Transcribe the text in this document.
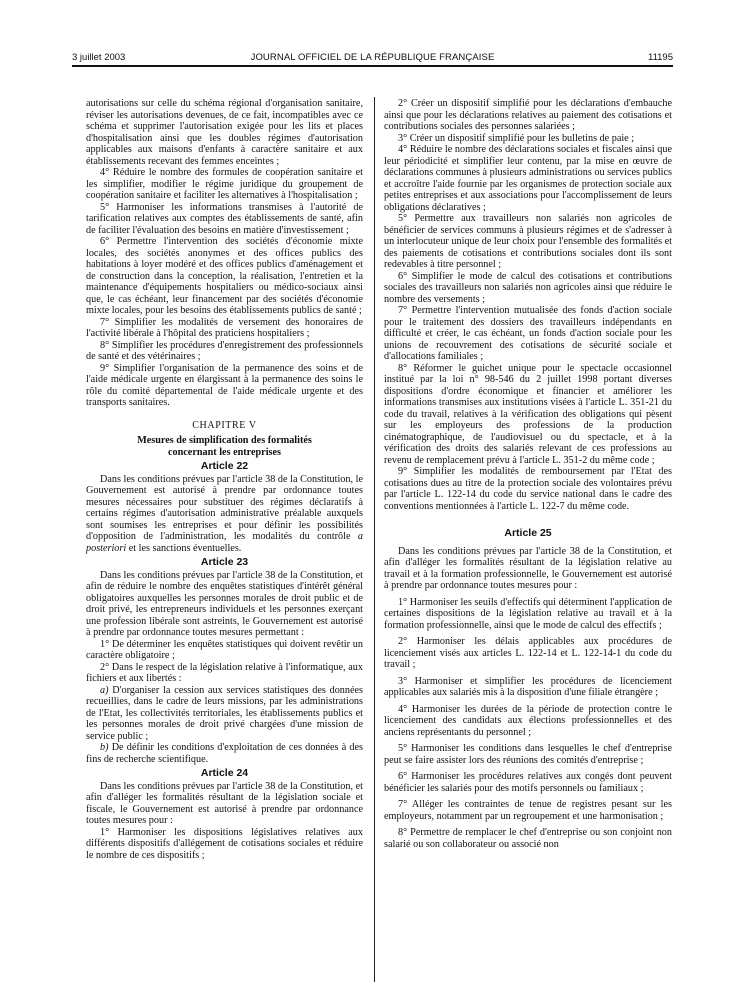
3 juillet 2003	JOURNAL OFFICIEL DE LA RÉPUBLIQUE FRANÇAISE	11195

autorisations sur celle du schéma régional d'organisation sanitaire, réviser les autorisations devenues, de ce fait, incompatibles avec ce schéma et supprimer l'autorisation exigée pour les lits et places d'hospitalisation ainsi que les doubles régimes d'autorisation applicables aux maisons d'enfants à caractère sanitaire et aux établissements recevant des femmes enceintes ;

4° Réduire le nombre des formules de coopération sanitaire et les simplifier, modifier le régime juridique du groupement de coopération sanitaire et faciliter les alternatives à l'hospitalisation ;

5° Harmoniser les informations transmises à l'autorité de tarification relatives aux comptes des établissements de santé, afin de faciliter l'évaluation des besoins en matière d'investissement ;

6° Permettre l'intervention des sociétés d'économie mixte locales, des sociétés anonymes et des offices publics des habitations à loyer modéré et des offices publics d'aménagement et de construction dans la conception, la réalisation, l'entretien et la maintenance d'équipements hospitaliers ou médico-sociaux ainsi que, le cas échéant, leur financement par des sociétés d'économie mixte locales, pour les besoins des établissements publics de santé ;

7° Simplifier les modalités de versement des honoraires de l'activité libérale à l'hôpital des praticiens hospitaliers ;

8° Simplifier les procédures d'enregistrement des professionnels de santé et des vétérinaires ;

9° Simplifier l'organisation de la permanence des soins et de l'aide médicale urgente en élargissant à la permanence des soins le rôle du comité départemental de l'aide médicale urgente et des transports sanitaires.

CHAPITRE V
Mesures de simplification des formalités
concernant les entreprises
Article 22

Dans les conditions prévues par l'article 38 de la Constitution, le Gouvernement est autorisé à prendre par ordonnance toutes mesures nécessaires pour substituer des régimes déclaratifs à certains régimes d'autorisation administrative préalable auxquels sont soumises les entreprises et pour définir les possibilités d'opposition de l'administration, les modalités du contrôle a posteriori et les sanctions éventuelles.

Article 23

Dans les conditions prévues par l'article 38 de la Constitution, et afin de réduire le nombre des enquêtes statistiques d'intérêt général obligatoires auxquelles les personnes morales de droit public et de droit privé, les entrepreneurs individuels et les personnes exerçant une profession libérale sont astreints, le Gouvernement est autorisé à prendre par ordonnance toutes mesures permettant :

1° De déterminer les enquêtes statistiques qui doivent revêtir un caractère obligatoire ;

2° Dans le respect de la législation relative à l'informatique, aux fichiers et aux libertés :

a) D'organiser la cession aux services statistiques des données recueillies, dans le cadre de leurs missions, par les administrations de l'Etat, les collectivités territoriales, les établissements publics et les personnes morales de droit privé chargées d'une mission de service public ;

b) De définir les conditions d'exploitation de ces données à des fins de recherche scientifique.

Article 24

Dans les conditions prévues par l'article 38 de la Constitution, et afin d'alléger les formalités résultant de la législation sociale et fiscale, le Gouvernement est autorisé à prendre par ordonnance toutes mesures pour :

1° Harmoniser les dispositions législatives relatives aux différents dispositifs d'allégement de cotisations sociales et réduire le nombre de ces dispositifs ;

2° Créer un dispositif simplifié pour les déclarations d'embauche ainsi que pour les déclarations relatives au paiement des cotisations et contributions sociales des personnes salariées ;

3° Créer un dispositif simplifié pour les bulletins de paie ;

4° Réduire le nombre des déclarations sociales et fiscales ainsi que leur périodicité et simplifier leur contenu, par la mise en œuvre de déclarations communes à plusieurs administrations ou services publics et accroître l'aide fournie par les organismes de protection sociale aux petites entreprises et aux associations pour l'accomplissement de leurs obligations déclaratives ;

5° Permettre aux travailleurs non salariés non agricoles de bénéficier de services communs à plusieurs régimes et de s'adresser à un interlocuteur unique de leur choix pour l'ensemble des formalités et des paiements de cotisations et contributions sociales dont ils sont redevables à titre personnel ;

6° Simplifier le mode de calcul des cotisations et contributions sociales des travailleurs non salariés non agricoles ainsi que réduire le nombre des versements ;

7° Permettre l'intervention mutualisée des fonds d'action sociale pour le traitement des dossiers des travailleurs indépendants en difficulté et créer, le cas échéant, un fonds d'action sociale pour les unions de recouvrement des cotisations de sécurité sociale et d'allocations familiales ;

8° Réformer le guichet unique pour le spectacle occasionnel institué par la loi n° 98-546 du 2 juillet 1998 portant diverses dispositions d'ordre économique et financier et améliorer les informations transmises aux institutions visées à l'article L. 351-21 du code du travail, relatives à la vérification des obligations qui pèsent sur les employeurs des professions de la production cinématographique, de l'audiovisuel ou du spectacle, et à la vérification des droits des salariés relevant de ces professions au revenu de remplacement prévu à l'article L. 351-2 du même code ;

9° Simplifier les modalités de remboursement par l'Etat des cotisations dues au titre de la protection sociale des volontaires prévu par l'article L. 122-14 du code du service national dans le cadre des conventions mentionnées à l'article L. 122-7 du même code.

Article 25

Dans les conditions prévues par l'article 38 de la Constitution, et afin d'alléger les formalités résultant de la législation relative au travail et à la formation professionnelle, le Gouvernement est autorisé à prendre par ordonnance toutes mesures pour :

1° Harmoniser les seuils d'effectifs qui déterminent l'application de certaines dispositions de la législation relative au travail et à la formation professionnelle, ainsi que le mode de calcul des effectifs ;

2° Harmoniser les délais applicables aux procédures de licenciement visés aux articles L. 122-14 et L. 122-14-1 du code du travail ;

3° Harmoniser et simplifier les procédures de licenciement applicables aux salariés mis à la disposition d'une filiale étrangère ;

4° Harmoniser les durées de la période de protection contre le licenciement des candidats aux élections professionnelles et des anciens représentants du personnel ;

5° Harmoniser les conditions dans lesquelles le chef d'entreprise peut se faire assister lors des réunions des comités d'entreprise ;

6° Harmoniser les procédures relatives aux congés dont peuvent bénéficier les salariés pour des motifs personnels ou familiaux ;

7° Alléger les contraintes de tenue de registres pesant sur les employeurs, notamment par un regroupement et une harmonisation ;

8° Permettre de remplacer le chef d'entreprise ou son conjoint non salarié ou son collaborateur ou associé non
